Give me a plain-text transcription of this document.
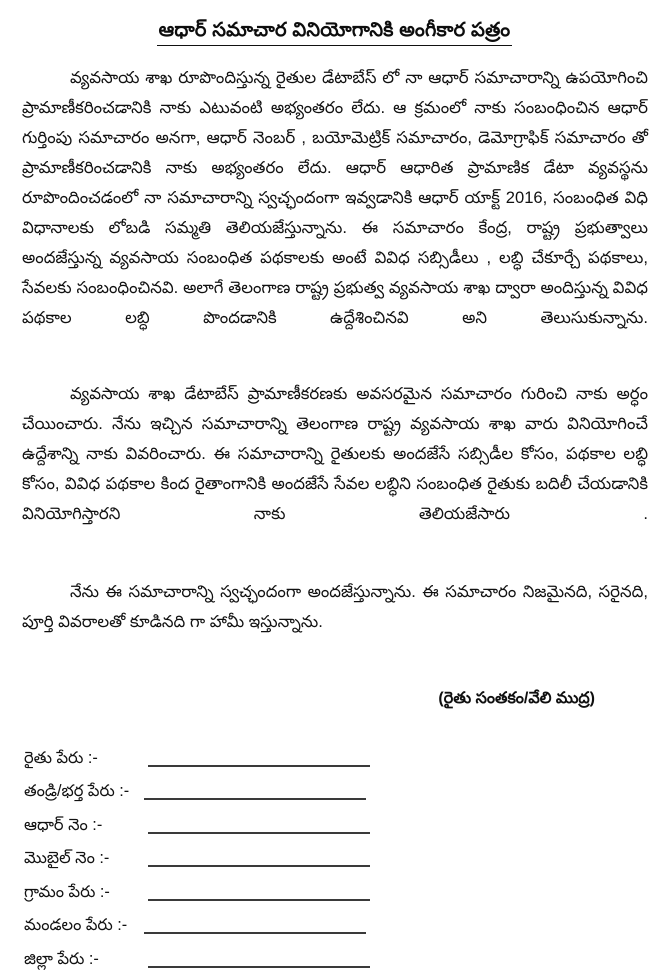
ఆధార్ సమాచార వినియోగానికి అంగీకార పత్రం

వ్యవసాయ శాఖ రూపొందిస్తున్న రైతుల డేటాబేస్ లో నా ఆధార్ సమాచారాన్ని ఉపయోగించి ప్రామాణీకరించడానికి నాకు ఎటువంటి అభ్యంతరం లేదు. ఆ క్రమంలో నాకు సంబంధించిన ఆధార్ గుర్తింపు సమాచారం అనగా, ఆధార్ నెంబర్ , బయోమెట్రిక్ సమాచారం, డెమోగ్రాఫిక్ సమాచారం తో ప్రామాణీకరించడానికి నాకు అభ్యంతరం లేదు. ఆధార్ ఆధారిత ప్రామాణిక డేటా వ్యవస్థను రూపొందించడంలో నా సమాచారాన్ని స్వచ్ఛందంగా ఇవ్వడానికి ఆధార్ యాక్ట్ 2016, సంబంధిత విధి విధానాలకు లోబడి సమ్మతి తెలియజేస్తున్నాను. ఈ సమాచారం కేంద్ర, రాష్ట్ర ప్రభుత్వాలు అందజేస్తున్న వ్యవసాయ సంబంధిత పథకాలకు అంటే వివిధ సబ్సిడీలు , లబ్ధి చేకూర్చే పథకాలు, సేవలకు సంబంధించినవి. అలాగే తెలంగాణ రాష్ట్ర ప్రభుత్వ వ్యవసాయ శాఖ ద్వారా అందిస్తున్న వివిధ పథకాల లబ్ధి పొందడానికి ఉద్దేశించినవి అని తెలుసుకున్నాను.

వ్యవసాయ శాఖ డేటాబేస్ ప్రామాణీకరణకు అవసరమైన సమాచారం గురించి నాకు అర్ధం చేయించారు. నేను ఇచ్చిన సమాచారాన్ని తెలంగాణ రాష్ట్ర వ్యవసాయ శాఖ వారు వినియోగించే ఉద్దేశాన్ని నాకు వివరించారు. ఈ సమాచారాన్ని రైతులకు అందజేసే సబ్సిడీల కోసం, పథకాల లబ్ధి కోసం, వివిధ పథకాల కింద రైతాంగానికి అందజేసే సేవల లబ్ధిని సంబంధిత రైతుకు బదిలీ చేయడానికి వినియోగిస్తారని నాకు తెలియజేసారు .

నేను ఈ సమాచారాన్ని స్వచ్ఛందంగా అందజేస్తున్నాను. ఈ సమాచారం నిజమైనది, సరైనది, పూర్తి వివరాలతో కూడినది గా హామీ ఇస్తున్నాను.

(రైతు సంతకం/వేలి ముద్ర)
రైతు పేరు :-
తండ్రి/భర్త పేరు :-
ఆధార్ నెం :-
మొబైల్ నెం :-
గ్రామం పేరు :-
మండలం పేరు :-
జిల్లా పేరు :-
